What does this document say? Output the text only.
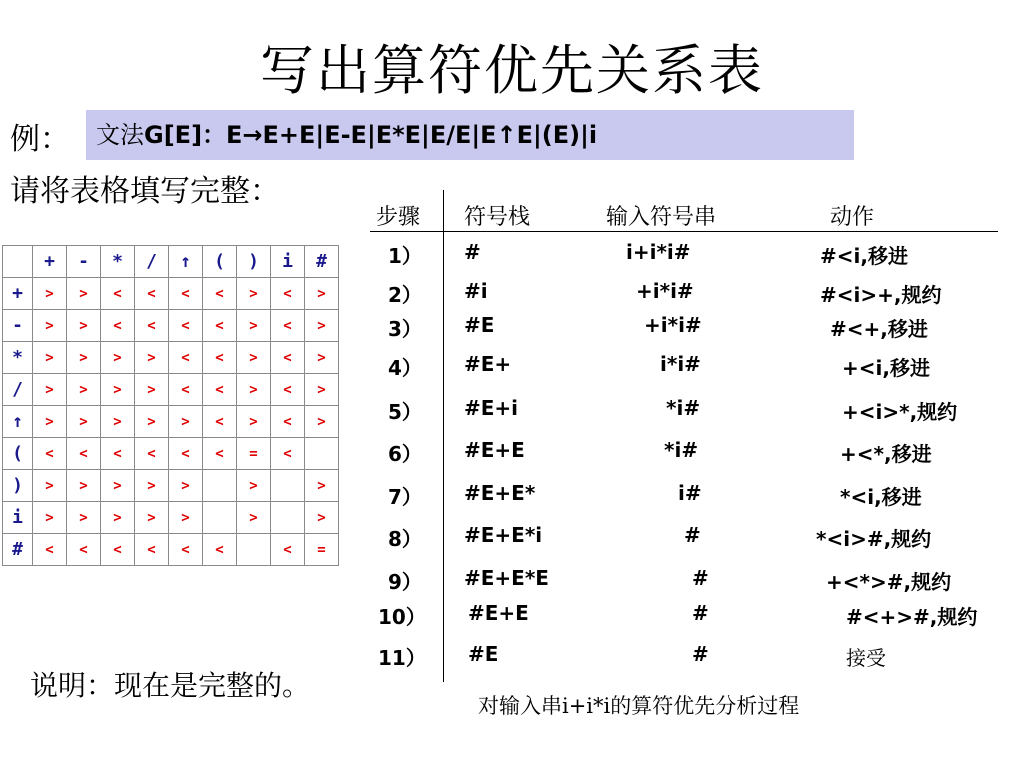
写出算符优先关系表
例：	文法G[E]：E→E+E|E-E|E*E|E/E|E↑E|(E)|i
请将表格填写完整：
	+	-	*	/	↑	(	)	i	#
+	>	>	<	<	<	<	>	<	>
-	>	>	<	<	<	<	>	<	>
*	>	>	>	>	<	<	>	<	>
/	>	>	>	>	<	<	>	<	>
↑	>	>	>	>	>	<	>	<	>
(	<	<	<	<	<	<	=	<	
)	>	>	>	>	>		>		>
i	>	>	>	>	>		>		>
#	<	<	<	<	<	<		<	=
步骤 符号栈	输入符号串	动作
1） #	i+i*i#	#<i,移进
2） #i	+i*i#	#<i>+,规约
3） #E	+i*i#	#<+,移进
4） #E+	i*i#	+<i,移进
5） #E+i	*i#	+<i>*,规约
6） #E+E	*i#	+<*,移进
7） #E+E*	i#	*<i,移进
8） #E+E*i	#	*<i>#,规约
9） #E+E*E	#	+<*>#,规约
10） #E+E	#	#<+>#,规约
11） #E	#	接受
说明：现在是完整的。
对输入串i+i*i的算符优先分析过程
